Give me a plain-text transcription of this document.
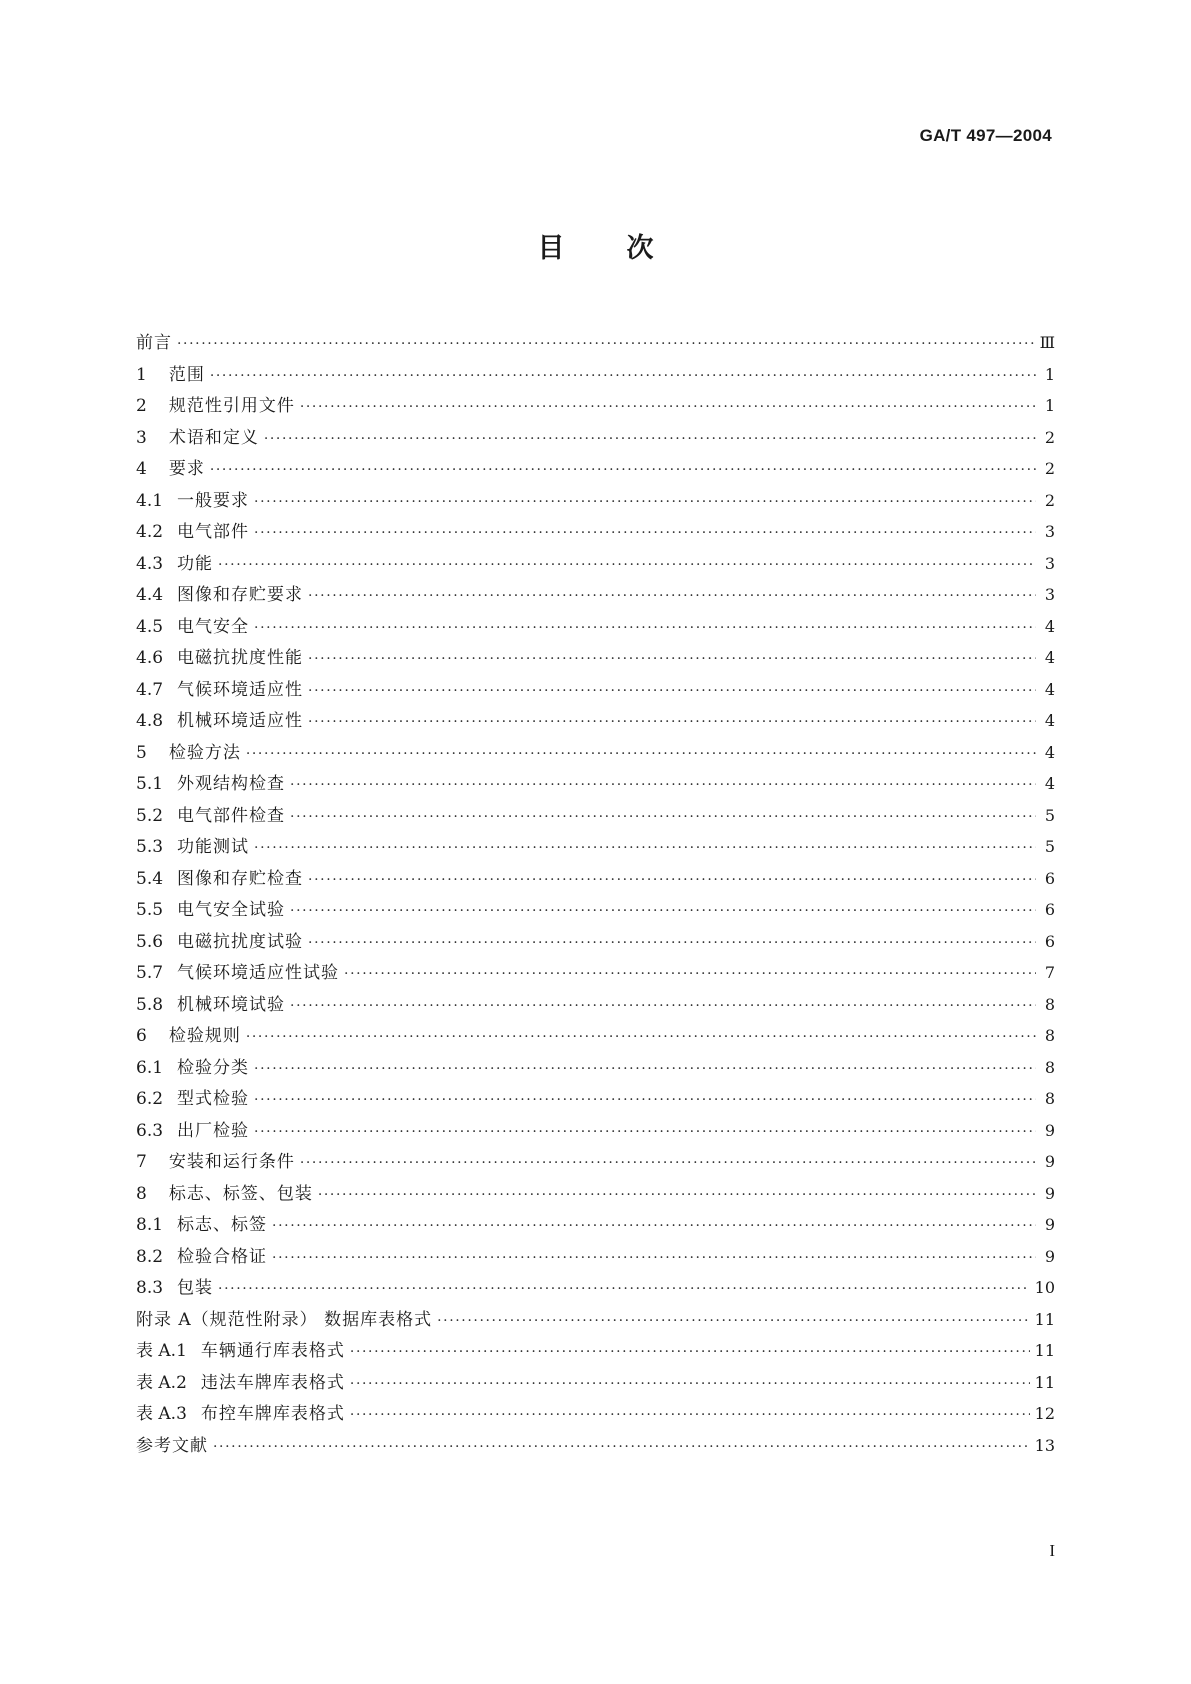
GA/T 497—2004
目次
前言 ·····	Ⅲ
1 范围 ·····	1
2 规范性引用文件 ·····	1
3 术语和定义 ·····	2
4 要求 ·····	2
4.1 一般要求 ·····	2
4.2 电气部件 ·····	3
4.3 功能 ·····	3
4.4 图像和存贮要求 ·····	3
4.5 电气安全 ·····	4
4.6 电磁抗扰度性能 ·····	4
4.7 气候环境适应性 ·····	4
4.8 机械环境适应性 ·····	4
5 检验方法 ·····	4
5.1 外观结构检查 ·····	4
5.2 电气部件检查 ·····	5
5.3 功能测试 ·····	5
5.4 图像和存贮检查 ·····	6
5.5 电气安全试验 ·····	6
5.6 电磁抗扰度试验 ·····	6
5.7 气候环境适应性试验 ·····	7
5.8 机械环境试验 ·····	8
6 检验规则 ·····	8
6.1 检验分类 ·····	8
6.2 型式检验 ·····	8
6.3 出厂检验 ·····	9
7 安装和运行条件 ·····	9
8 标志、标签、包装 ·····	9
8.1 标志、标签 ·····	9
8.2 检验合格证 ·····	9
8.3 包装 ·····	10
附录 A（规范性附录） 数据库表格式 ·····	11
表 A.1 车辆通行库表格式 ·····	11
表 A.2 违法车牌库表格式 ·····	11
表 A.3 布控车牌库表格式 ·····	12
参考文献 ·····	13
I
